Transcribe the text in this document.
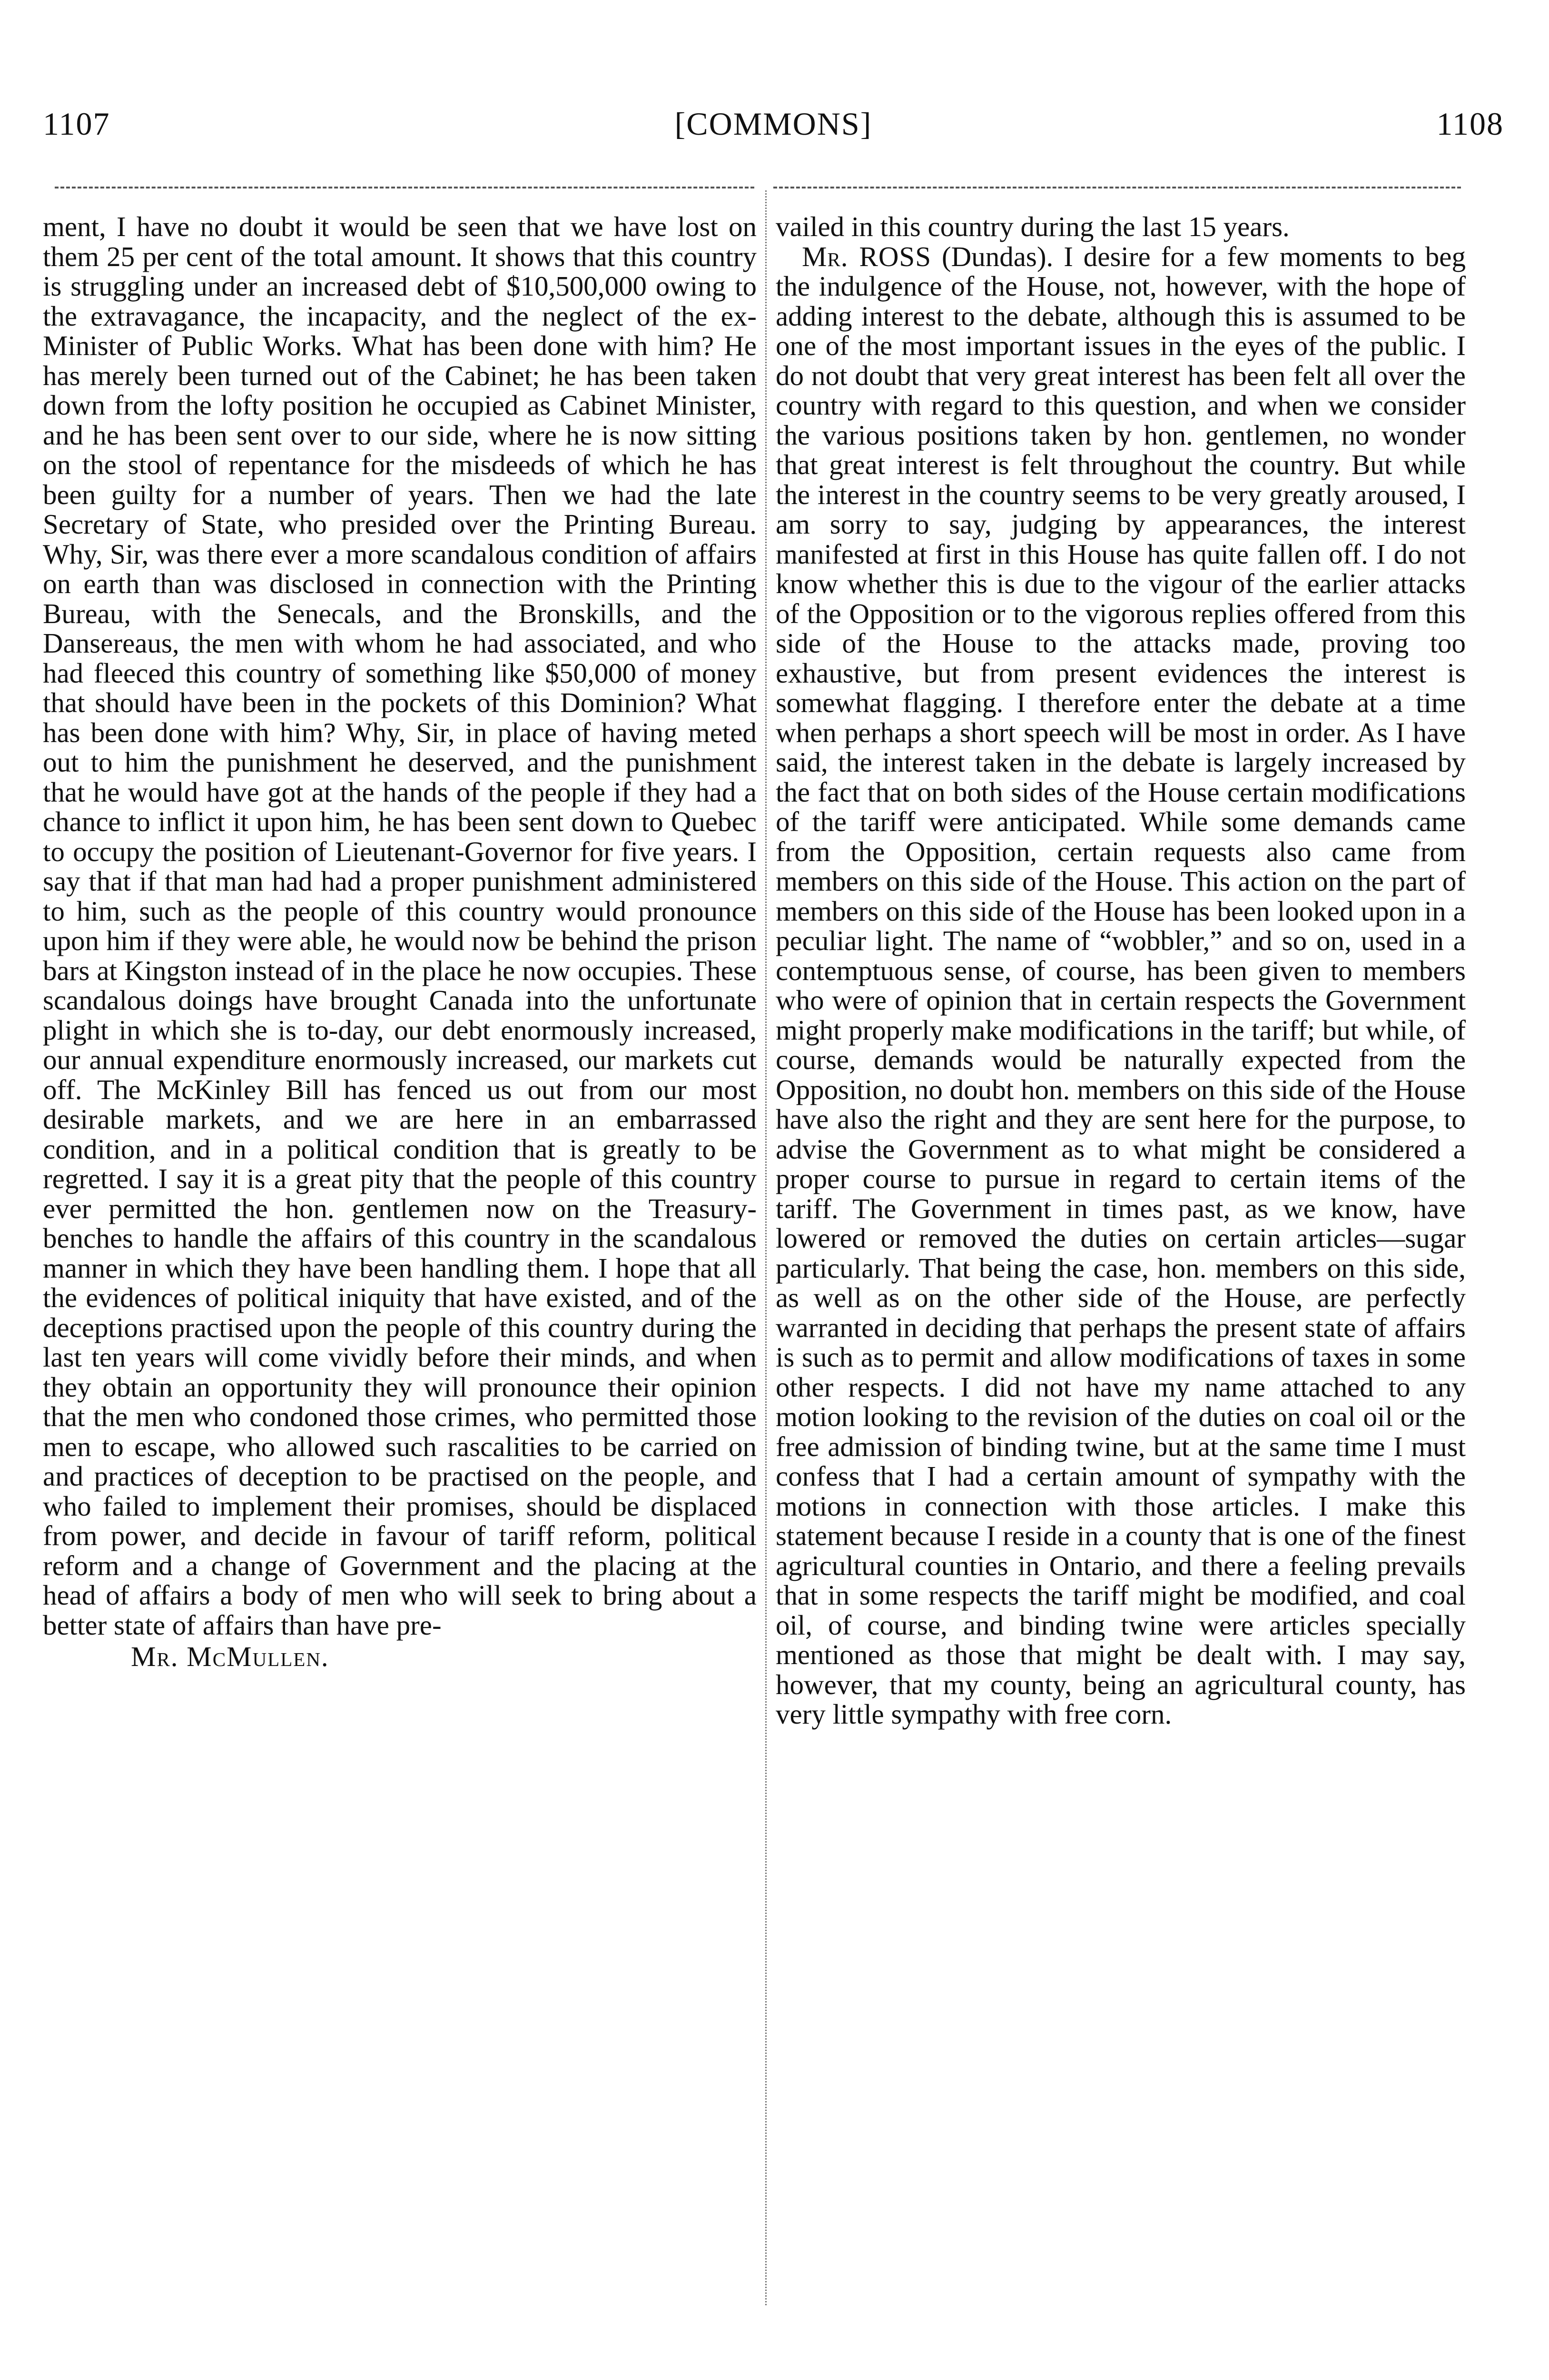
1107	[COMMONS]	1108

ment, I have no doubt it would be seen that we have lost on them 25 per cent of the total amount. It shows that this country is struggling under an increased debt of $10,500,000 owing to the extravagance, the incapacity, and the neglect of the ex-Minister of Public Works. What has been done with him? He has merely been turned out of the Cabinet; he has been taken down from the lofty position he occupied as Cabinet Minister, and he has been sent over to our side, where he is now sitting on the stool of repentance for the misdeeds of which he has been guilty for a number of years. Then we had the late Secretary of State, who presided over the Printing Bureau. Why, Sir, was there ever a more scandalous condition of affairs on earth than was disclosed in connection with the Printing Bureau, with the Senecals, and the Bronskills, and the Dansereaus, the men with whom he had associated, and who had fleeced this country of something like $50,000 of money that should have been in the pockets of this Dominion? What has been done with him? Why, Sir, in place of having meted out to him the punishment he deserved, and the punishment that he would have got at the hands of the people if they had a chance to inflict it upon him, he has been sent down to Quebec to occupy the position of Lieutenant-Governor for five years. I say that if that man had had a proper punishment administered to him, such as the people of this country would pronounce upon him if they were able, he would now be behind the prison bars at Kingston instead of in the place he now occupies. These scandalous doings have brought Canada into the unfortunate plight in which she is to-day, our debt enormously increased, our annual expenditure enormously increased, our markets cut off. The McKinley Bill has fenced us out from our most desirable markets, and we are here in an embarrassed condition, and in a political condition that is greatly to be regretted. I say it is a great pity that the people of this country ever permitted the hon. gentlemen now on the Treasury-benches to handle the affairs of this country in the scandalous manner in which they have been handling them. I hope that all the evidences of political iniquity that have existed, and of the deceptions practised upon the people of this country during the last ten years will come vividly before their minds, and when they obtain an opportunity they will pronounce their opinion that the men who condoned those crimes, who permitted those men to escape, who allowed such rascalities to be carried on and practices of deception to be practised on the people, and who failed to implement their promises, should be displaced from power, and decide in favour of tariff reform, political reform and a change of Government and the placing at the head of affairs a body of men who will seek to bring about a better state of affairs than have pre-

Mr. McMullen.

vailed in this country during the last 15 years.

Mr. ROSS (Dundas). I desire for a few moments to beg the indulgence of the House, not, however, with the hope of adding interest to the debate, although this is assumed to be one of the most important issues in the eyes of the public. I do not doubt that very great interest has been felt all over the country with regard to this question, and when we consider the various positions taken by hon. gentlemen, no wonder that great interest is felt throughout the country. But while the interest in the country seems to be very greatly aroused, I am sorry to say, judging by appearances, the interest manifested at first in this House has quite fallen off. I do not know whether this is due to the vigour of the earlier attacks of the Opposition or to the vigorous replies offered from this side of the House to the attacks made, proving too exhaustive, but from present evidences the interest is somewhat flagging. I therefore enter the debate at a time when perhaps a short speech will be most in order. As I have said, the interest taken in the debate is largely increased by the fact that on both sides of the House certain modifications of the tariff were anticipated. While some demands came from the Opposition, certain requests also came from members on this side of the House. This action on the part of members on this side of the House has been looked upon in a peculiar light. The name of “wobbler,” and so on, used in a contemptuous sense, of course, has been given to members who were of opinion that in certain respects the Government might properly make modifications in the tariff; but while, of course, demands would be naturally expected from the Opposition, no doubt hon. members on this side of the House have also the right and they are sent here for the purpose, to advise the Government as to what might be considered a proper course to pursue in regard to certain items of the tariff. The Government in times past, as we know, have lowered or removed the duties on certain articles—sugar particularly. That being the case, hon. members on this side, as well as on the other side of the House, are perfectly warranted in deciding that perhaps the present state of affairs is such as to permit and allow modifications of taxes in some other respects. I did not have my name attached to any motion looking to the revision of the duties on coal oil or the free admission of binding twine, but at the same time I must confess that I had a certain amount of sympathy with the motions in connection with those articles. I make this statement because I reside in a county that is one of the finest agricultural counties in Ontario, and there a feeling prevails that in some respects the tariff might be modified, and coal oil, of course, and binding twine were articles specially mentioned as those that might be dealt with. I may say, however, that my county, being an agricultural county, has very little sympathy with free corn.
